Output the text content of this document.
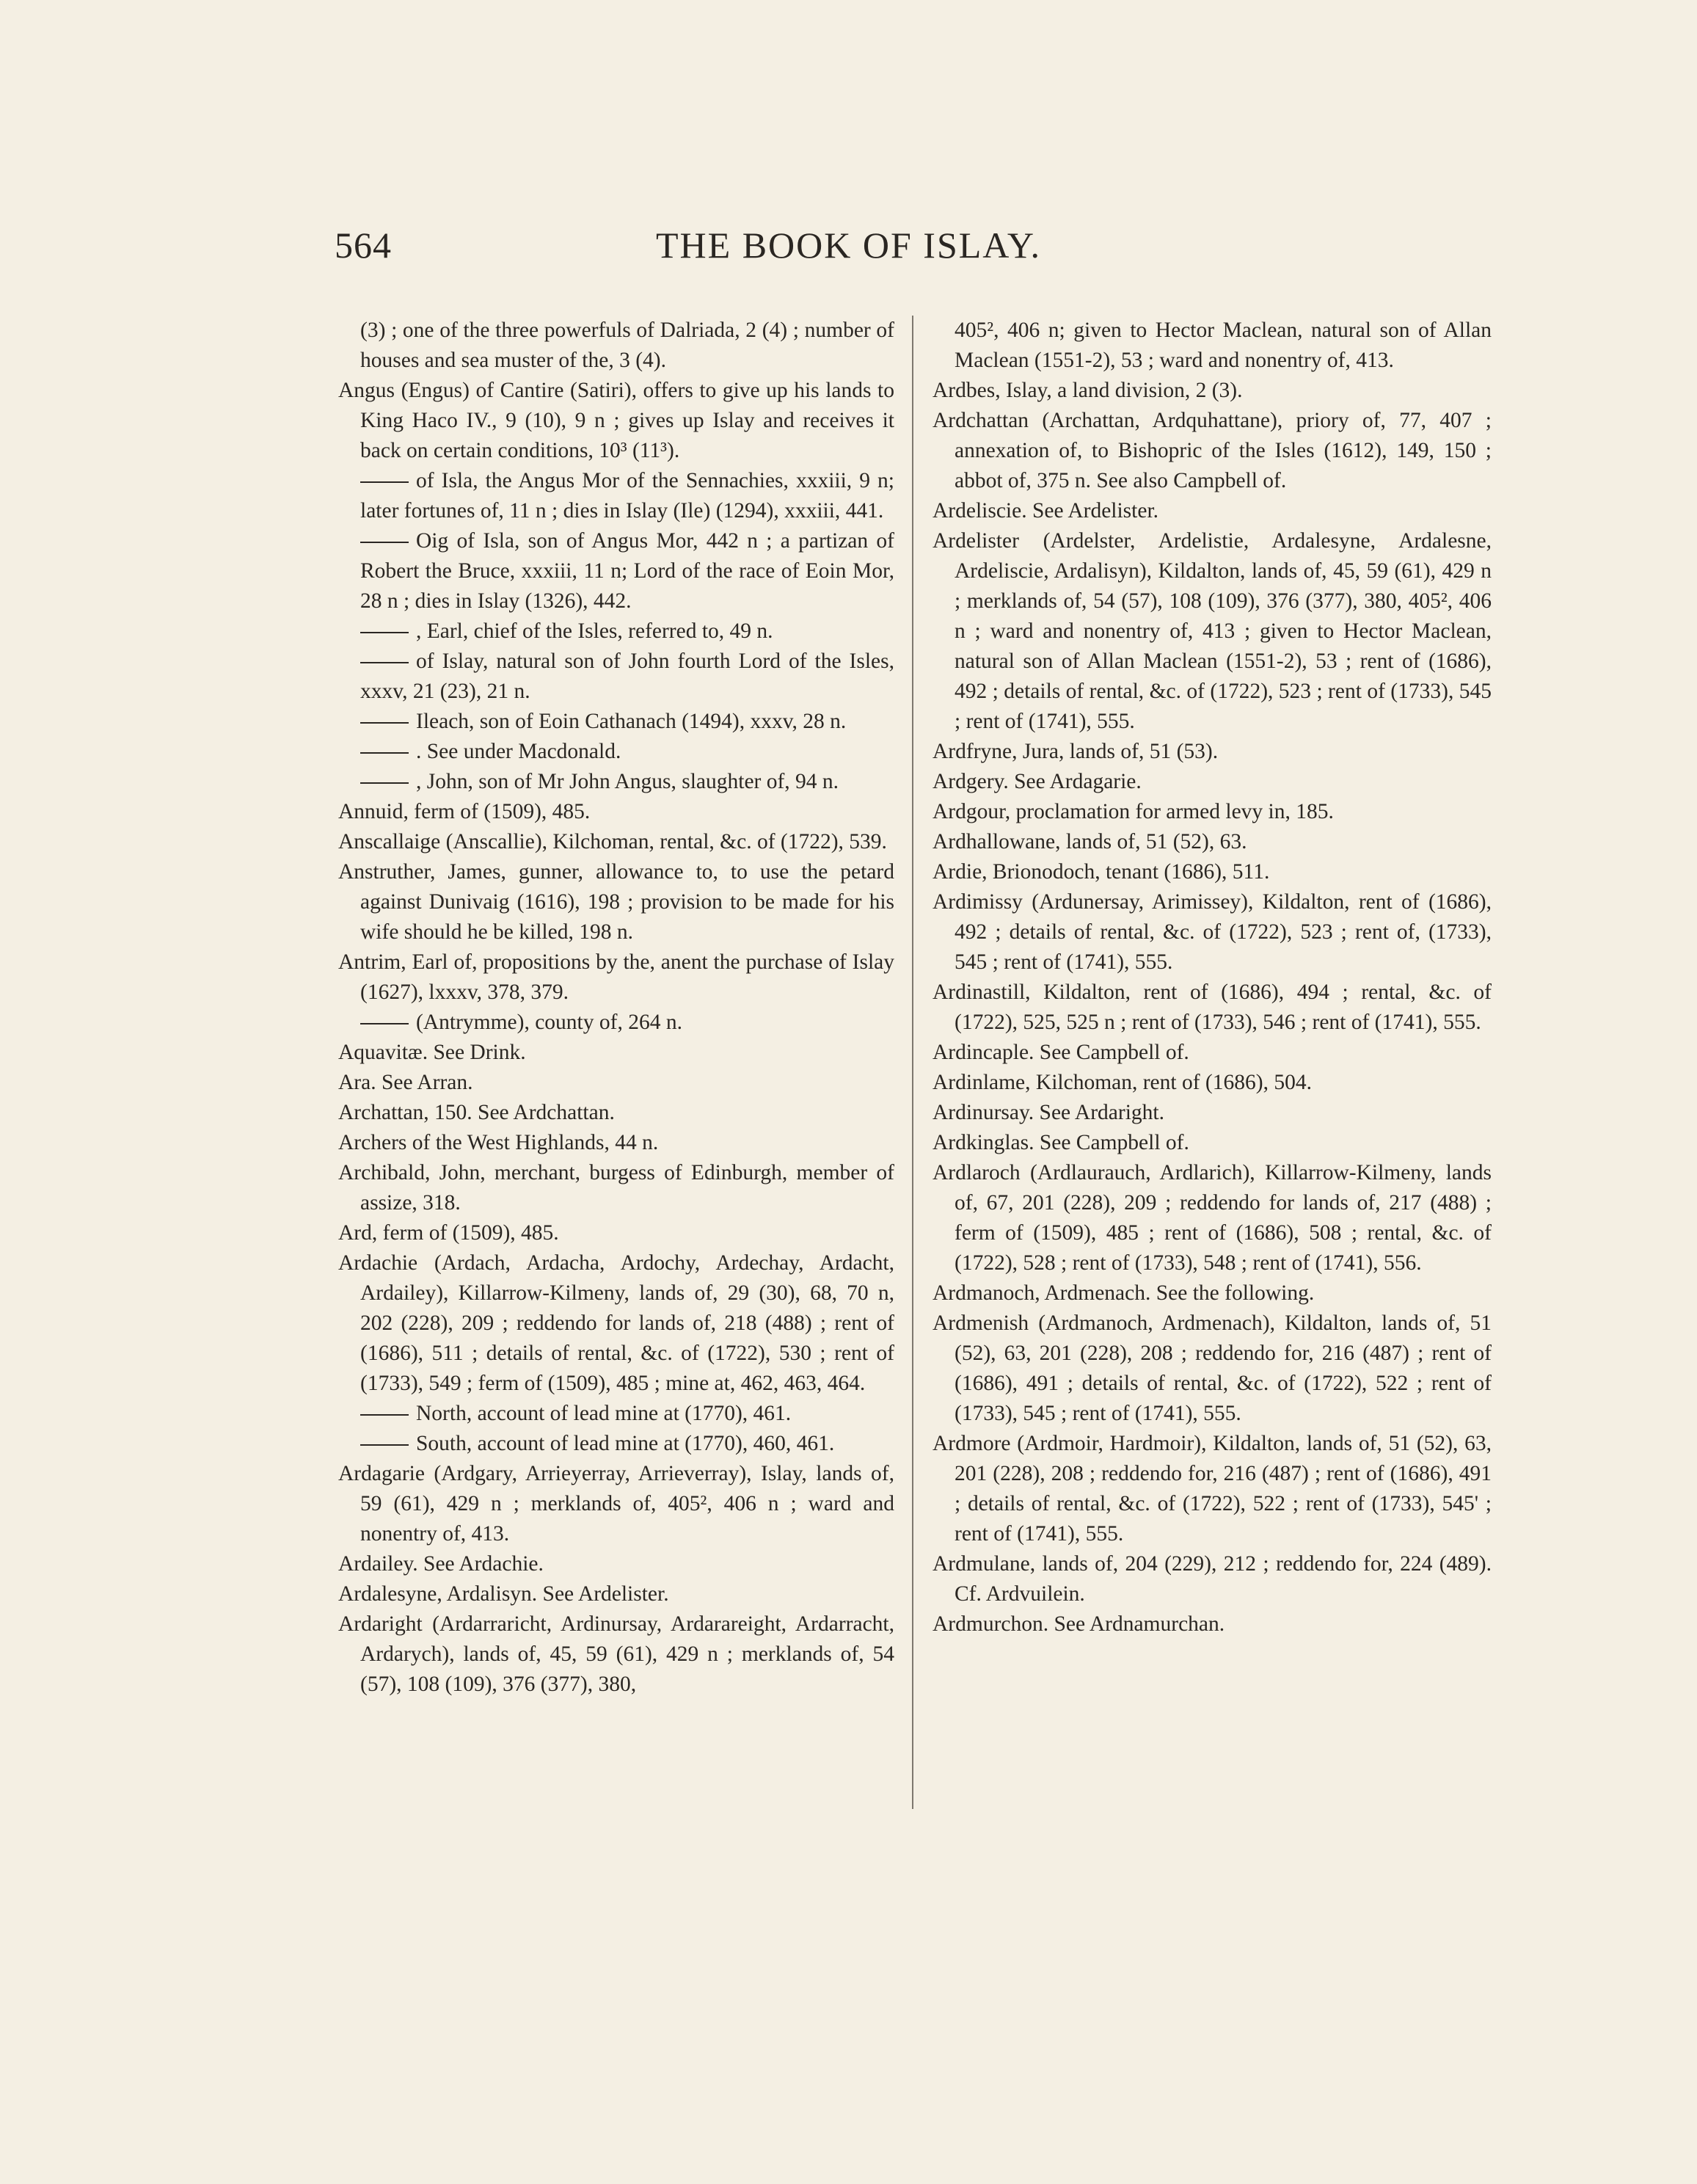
564	THE BOOK OF ISLAY.

(3) ; one of the three powerfuls of Dalriada, 2 (4) ; number of houses and sea muster of the, 3 (4).

Angus (Engus) of Cantire (Satiri), offers to give up his lands to King Haco IV., 9 (10), 9 n ; gives up Islay and receives it back on certain conditions, 10³ (11³).

of Isla, the Angus Mor of the Sennachies, xxxiii, 9 n; later fortunes of, 11 n ; dies in Islay (Ile) (1294), xxxiii, 441.

Oig of Isla, son of Angus Mor, 442 n ; a partizan of Robert the Bruce, xxxiii, 11 n; Lord of the race of Eoin Mor, 28 n ; dies in Islay (1326), 442.

, Earl, chief of the Isles, referred to, 49 n.

of Islay, natural son of John fourth Lord of the Isles, xxxv, 21 (23), 21 n.

Ileach, son of Eoin Cathanach (1494), xxxv, 28 n.

. See under Macdonald.

, John, son of Mr John Angus, slaughter of, 94 n.

Annuid, ferm of (1509), 485.

Anscallaige (Anscallie), Kilchoman, rental, &c. of (1722), 539.

Anstruther, James, gunner, allowance to, to use the petard against Dunivaig (1616), 198 ; provision to be made for his wife should he be killed, 198 n.

Antrim, Earl of, propositions by the, anent the purchase of Islay (1627), lxxxv, 378, 379.

(Antrymme), county of, 264 n.

Aquavitæ. See Drink.

Ara. See Arran.

Archattan, 150. See Ardchattan.

Archers of the West Highlands, 44 n.

Archibald, John, merchant, burgess of Edinburgh, member of assize, 318.

Ard, ferm of (1509), 485.

Ardachie (Ardach, Ardacha, Ardochy, Ardechay, Ardacht, Ardailey), Killarrow-Kilmeny, lands of, 29 (30), 68, 70 n, 202 (228), 209 ; reddendo for lands of, 218 (488) ; rent of (1686), 511 ; details of rental, &c. of (1722), 530 ; rent of (1733), 549 ; ferm of (1509), 485 ; mine at, 462, 463, 464.

North, account of lead mine at (1770), 461.

South, account of lead mine at (1770), 460, 461.

Ardagarie (Ardgary, Arrieyerray, Arrieverray), Islay, lands of, 59 (61), 429 n ; merklands of, 405², 406 n ; ward and nonentry of, 413.

Ardailey. See Ardachie.

Ardalesyne, Ardalisyn. See Ardelister.

Ardaright (Ardarraricht, Ardinursay, Ardarareight, Ardarracht, Ardarych), lands of, 45, 59 (61), 429 n ; merklands of, 54 (57), 108 (109), 376 (377), 380,

405², 406 n; given to Hector Maclean, natural son of Allan Maclean (1551-2), 53 ; ward and nonentry of, 413.

Ardbes, Islay, a land division, 2 (3).

Ardchattan (Archattan, Ardquhattane), priory of, 77, 407 ; annexation of, to Bishopric of the Isles (1612), 149, 150 ; abbot of, 375 n. See also Campbell of.

Ardeliscie. See Ardelister.

Ardelister (Ardelster, Ardelistie, Ardalesyne, Ardalesne, Ardeliscie, Ardalisyn), Kildalton, lands of, 45, 59 (61), 429 n ; merklands of, 54 (57), 108 (109), 376 (377), 380, 405², 406 n ; ward and nonentry of, 413 ; given to Hector Maclean, natural son of Allan Maclean (1551-2), 53 ; rent of (1686), 492 ; details of rental, &c. of (1722), 523 ; rent of (1733), 545 ; rent of (1741), 555.

Ardfryne, Jura, lands of, 51 (53).

Ardgery. See Ardagarie.

Ardgour, proclamation for armed levy in, 185.

Ardhallowane, lands of, 51 (52), 63.

Ardie, Brionodoch, tenant (1686), 511.

Ardimissy (Ardunersay, Arimissey), Kildalton, rent of (1686), 492 ; details of rental, &c. of (1722), 523 ; rent of, (1733), 545 ; rent of (1741), 555.

Ardinastill, Kildalton, rent of (1686), 494 ; rental, &c. of (1722), 525, 525 n ; rent of (1733), 546 ; rent of (1741), 555.

Ardincaple. See Campbell of.

Ardinlame, Kilchoman, rent of (1686), 504.

Ardinursay. See Ardaright.

Ardkinglas. See Campbell of.

Ardlaroch (Ardlaurauch, Ardlarich), Killarrow-Kilmeny, lands of, 67, 201 (228), 209 ; reddendo for lands of, 217 (488) ; ferm of (1509), 485 ; rent of (1686), 508 ; rental, &c. of (1722), 528 ; rent of (1733), 548 ; rent of (1741), 556.

Ardmanoch, Ardmenach. See the following.

Ardmenish (Ardmanoch, Ardmenach), Kildalton, lands of, 51 (52), 63, 201 (228), 208 ; reddendo for, 216 (487) ; rent of (1686), 491 ; details of rental, &c. of (1722), 522 ; rent of (1733), 545 ; rent of (1741), 555.

Ardmore (Ardmoir, Hardmoir), Kildalton, lands of, 51 (52), 63, 201 (228), 208 ; reddendo for, 216 (487) ; rent of (1686), 491 ; details of rental, &c. of (1722), 522 ; rent of (1733), 545' ; rent of (1741), 555.

Ardmulane, lands of, 204 (229), 212 ; reddendo for, 224 (489). Cf. Ardvuilein.

Ardmurchon. See Ardnamurchan.
